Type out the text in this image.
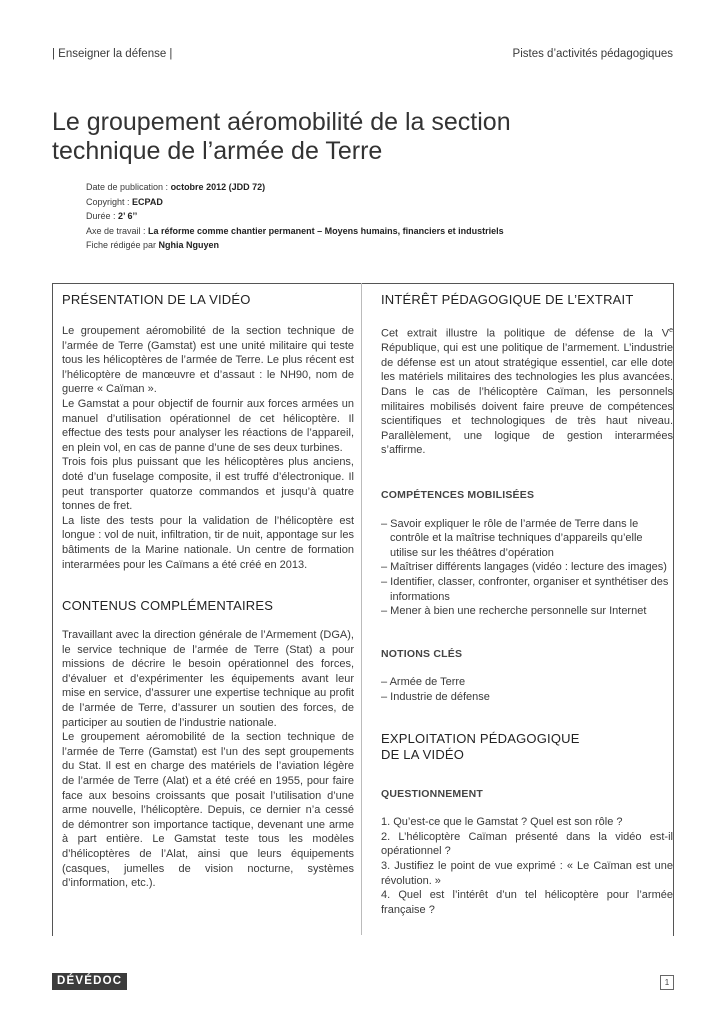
| Enseigner la défense |	Pistes d’activités pédagogiques
Le groupement aéromobilité de la section
technique de l’armée de Terre
Date de publication : octobre 2012 (JDD 72)
Copyright : ECPAD
Durée : 2’ 6’’
Axe de travail : La réforme comme chantier permanent – Moyens humains, financiers et industriels
Fiche rédigée par Nghia Nguyen
PRÉSENTATION DE LA VIDÉO

Le groupement aéromobilité de la section technique de l’armée de Terre (Gamstat) est une unité militaire qui teste tous les hélicoptères de l’armée de Terre. Le plus récent est l’hélicoptère de manœuvre et d’assaut : le NH90, nom de guerre « Caïman ».

Le Gamstat a pour objectif de fournir aux forces armées un manuel d’utilisation opérationnel de cet hélicoptère. Il effectue des tests pour analyser les réactions de l’appareil, en plein vol, en cas de panne d’une de ses deux turbines.

Trois fois plus puissant que les hélicoptères plus anciens, doté d’un fuselage composite, il est truffé d’électronique. Il peut transporter quatorze commandos et jusqu’à quatre tonnes de fret.

La liste des tests pour la validation de l’hélicoptère est longue : vol de nuit, infiltration, tir de nuit, appontage sur les bâtiments de la Marine nationale. Un centre de formation interarmées pour les Caïmans a été créé en 2013.

CONTENUS COMPLÉMENTAIRES

Travaillant avec la direction générale de l’Armement (DGA), le service technique de l’armée de Terre (Stat) a pour missions de décrire le besoin opérationnel des forces, d’évaluer et d’expérimenter les équipements avant leur mise en service, d’assurer une expertise technique au profit de l’armée de Terre, d’assurer un soutien des forces, de participer au soutien de l’industrie nationale.

Le groupement aéromobilité de la section technique de l’armée de Terre (Gamstat) est l’un des sept groupements du Stat. Il est en charge des matériels de l’aviation légère de l’armée de Terre (Alat) et a été créé en 1955, pour faire face aux besoins croissants que posait l’utilisation d’une arme nouvelle, l’hélicoptère. Depuis, ce dernier n’a cessé de démontrer son importance tactique, devenant une arme à part entière. Le Gamstat teste tous les modèles d’hélicoptères de l’Alat, ainsi que leurs équipements (casques, jumelles de vision nocturne, systèmes d’information, etc.).

INTÉRÊT PÉDAGOGIQUE DE L’EXTRAIT

Cet extrait illustre la politique de défense de la Ve République, qui est une politique de l’armement. L’industrie de défense est un atout stratégique essentiel, car elle dote les matériels militaires des technologies les plus avancées. Dans le cas de l’hélicoptère Caïman, les personnels militaires mobilisés doivent faire preuve de compétences scientifiques et technologiques de très haut niveau. Parallèlement, une logique de gestion interarmées s’affirme.

COMPÉTENCES MOBILISÉES
– Savoir expliquer le rôle de l’armée de Terre dans le contrôle et la maîtrise techniques d’appareils qu’elle utilise sur les théâtres d’opération
– Maîtriser différents langages (vidéo : lecture des images)
– Identifier, classer, confronter, organiser et synthétiser des informations
– Mener à bien une recherche personnelle sur Internet
NOTIONS CLÉS
– Armée de Terre
– Industrie de défense
EXPLOITATION PÉDAGOGIQUE
DE LA VIDÉO
QUESTIONNEMENT

1. Qu’est-ce que le Gamstat ? Quel est son rôle ?

2. L’hélicoptère Caïman présenté dans la vidéo est-il opérationnel ?

3. Justifiez le point de vue exprimé : « Le Caïman est une révolution. »

4. Quel est l’intérêt d’un tel hélicoptère pour l’armée française ?

DÉVÉDOC	1
